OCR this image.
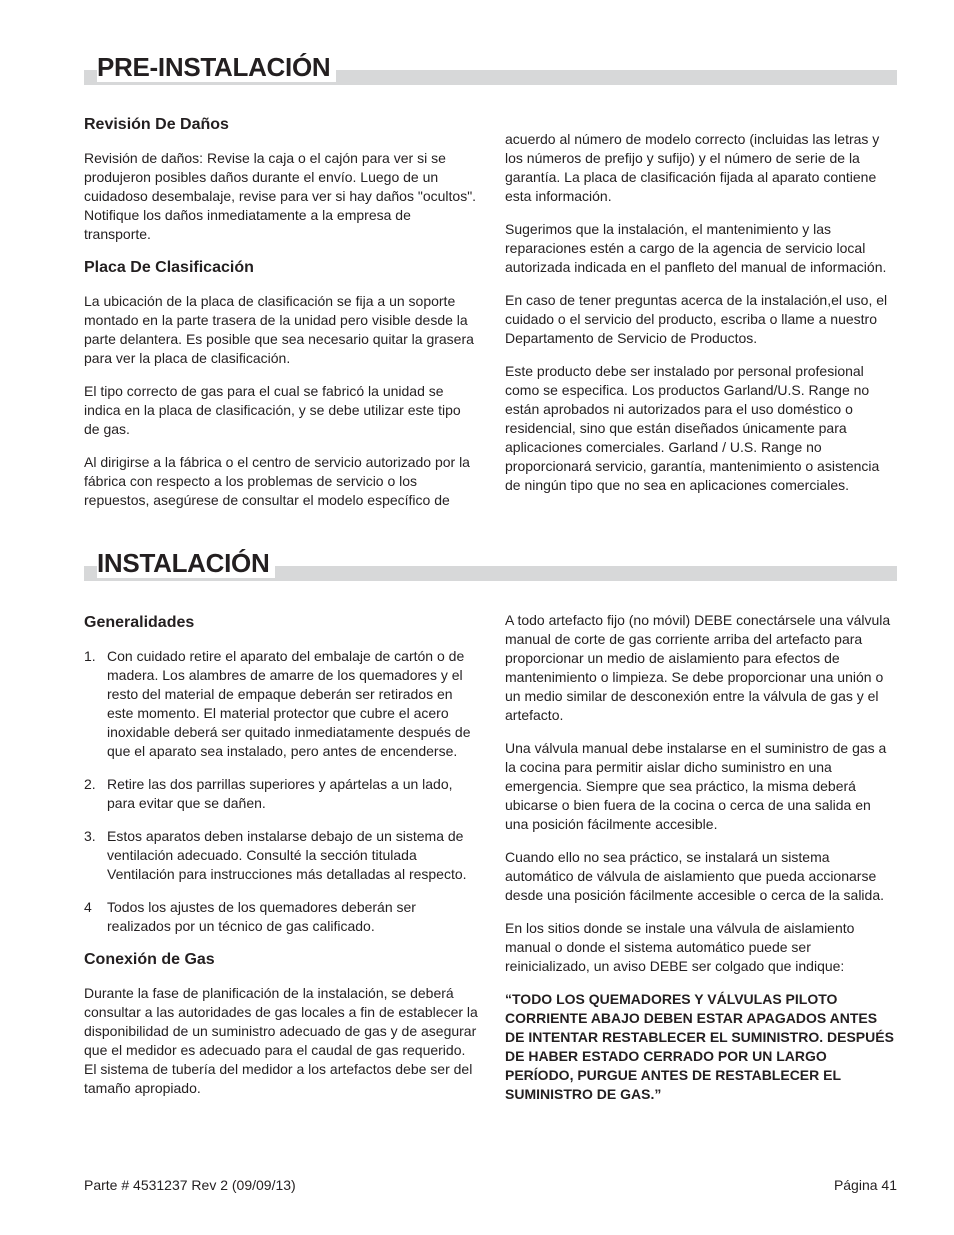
PRE-INSTALACIÓN
Revisión De Daños

Revisión de daños: Revise la caja o el cajón para ver si se produjeron posibles daños durante el envío. Luego de un cuidadoso desembalaje, revise para ver si hay daños "ocultos". Notifique los daños inmediatamente a la empresa de transporte.

Placa De Clasificación

La ubicación de la placa de clasificación se fija a un soporte montado en la parte trasera de la unidad pero visible desde la parte delantera. Es posible que sea necesario quitar la grasera para ver la placa de clasificación.

El tipo correcto de gas para el cual se fabricó la unidad se indica en la placa de clasificación, y se debe utilizar este tipo de gas.

Al dirigirse a la fábrica o el centro de servicio autorizado por la fábrica con respecto a los problemas de servicio o los repuestos, asegúrese de consultar el modelo específico de

acuerdo al número de modelo correcto (incluidas las letras y los números de prefijo y sufijo) y el número de serie de la garantía. La placa de clasificación fijada al aparato contiene esta información.

Sugerimos que la instalación, el mantenimiento y las reparaciones estén a cargo de la agencia de servicio local autorizada indicada en el panfleto del manual de información.

En caso de tener preguntas acerca de la instalación,el uso, el cuidado o el servicio del producto, escriba o llame a nuestro Departamento de Servicio de Productos.

Este producto debe ser instalado por personal profesional como se especifica. Los productos Garland/U.S. Range no están aprobados ni autorizados para el uso doméstico o residencial, sino que están diseñados únicamente para aplicaciones comerciales. Garland / U.S. Range no proporcionará servicio, garantía, mantenimiento o asistencia de ningún tipo que no sea en aplicaciones comerciales.

INSTALACIÓN
Generalidades
1. Con cuidado retire el aparato del embalaje de cartón o de madera. Los alambres de amarre de los quemadores y el resto del material de empaque deberán ser retirados en este momento. El material protector que cubre el acero inoxidable deberá ser quitado inmediatamente después de que el aparato sea instalado, pero antes de encenderse.
2. Retire las dos parrillas superiores y apártelas a un lado, para evitar que se dañen.
3. Estos aparatos deben instalarse debajo de un sistema de ventilación adecuado. Consulté la sección titulada Ventilación para instrucciones más detalladas al respecto.
4 Todos los ajustes de los quemadores deberán ser realizados por un técnico de gas calificado.
Conexión de Gas

Durante la fase de planificación de la instalación, se deberá consultar a las autoridades de gas locales a fin de establecer la disponibilidad de un suministro adecuado de gas y de asegurar que el medidor es adecuado para el caudal de gas requerido. El sistema de tubería del medidor a los artefactos debe ser del tamaño apropiado.

A todo artefacto fijo (no móvil) DEBE conectársele una válvula manual de corte de gas corriente arriba del artefacto para proporcionar un medio de aislamiento para efectos de mantenimiento o limpieza. Se debe proporcionar una unión o un medio similar de desconexión entre la válvula de gas y el artefacto.

Una válvula manual debe instalarse en el suministro de gas a la cocina para permitir aislar dicho suministro en una emergencia. Siempre que sea práctico, la misma deberá ubicarse o bien fuera de la cocina o cerca de una salida en una posición fácilmente accesible.

Cuando ello no sea práctico, se instalará un sistema automático de válvula de aislamiento que pueda accionarse desde una posición fácilmente accesible o cerca de la salida.

En los sitios donde se instale una válvula de aislamiento manual o donde el sistema automático puede ser reinicializado, un aviso DEBE ser colgado que indique:

“TODO LOS QUEMADORES Y VÁLVULAS PILOTO CORRIENTE ABAJO DEBEN ESTAR APAGADOS ANTES DE INTENTAR RESTABLECER EL SUMINISTRO. DESPUÉS DE HABER ESTADO CERRADO POR UN LARGO PERÍODO, PURGUE ANTES DE RESTABLECER EL SUMINISTRO DE GAS.”

Parte # 4531237 Rev 2 (09/09/13)	Página 41
